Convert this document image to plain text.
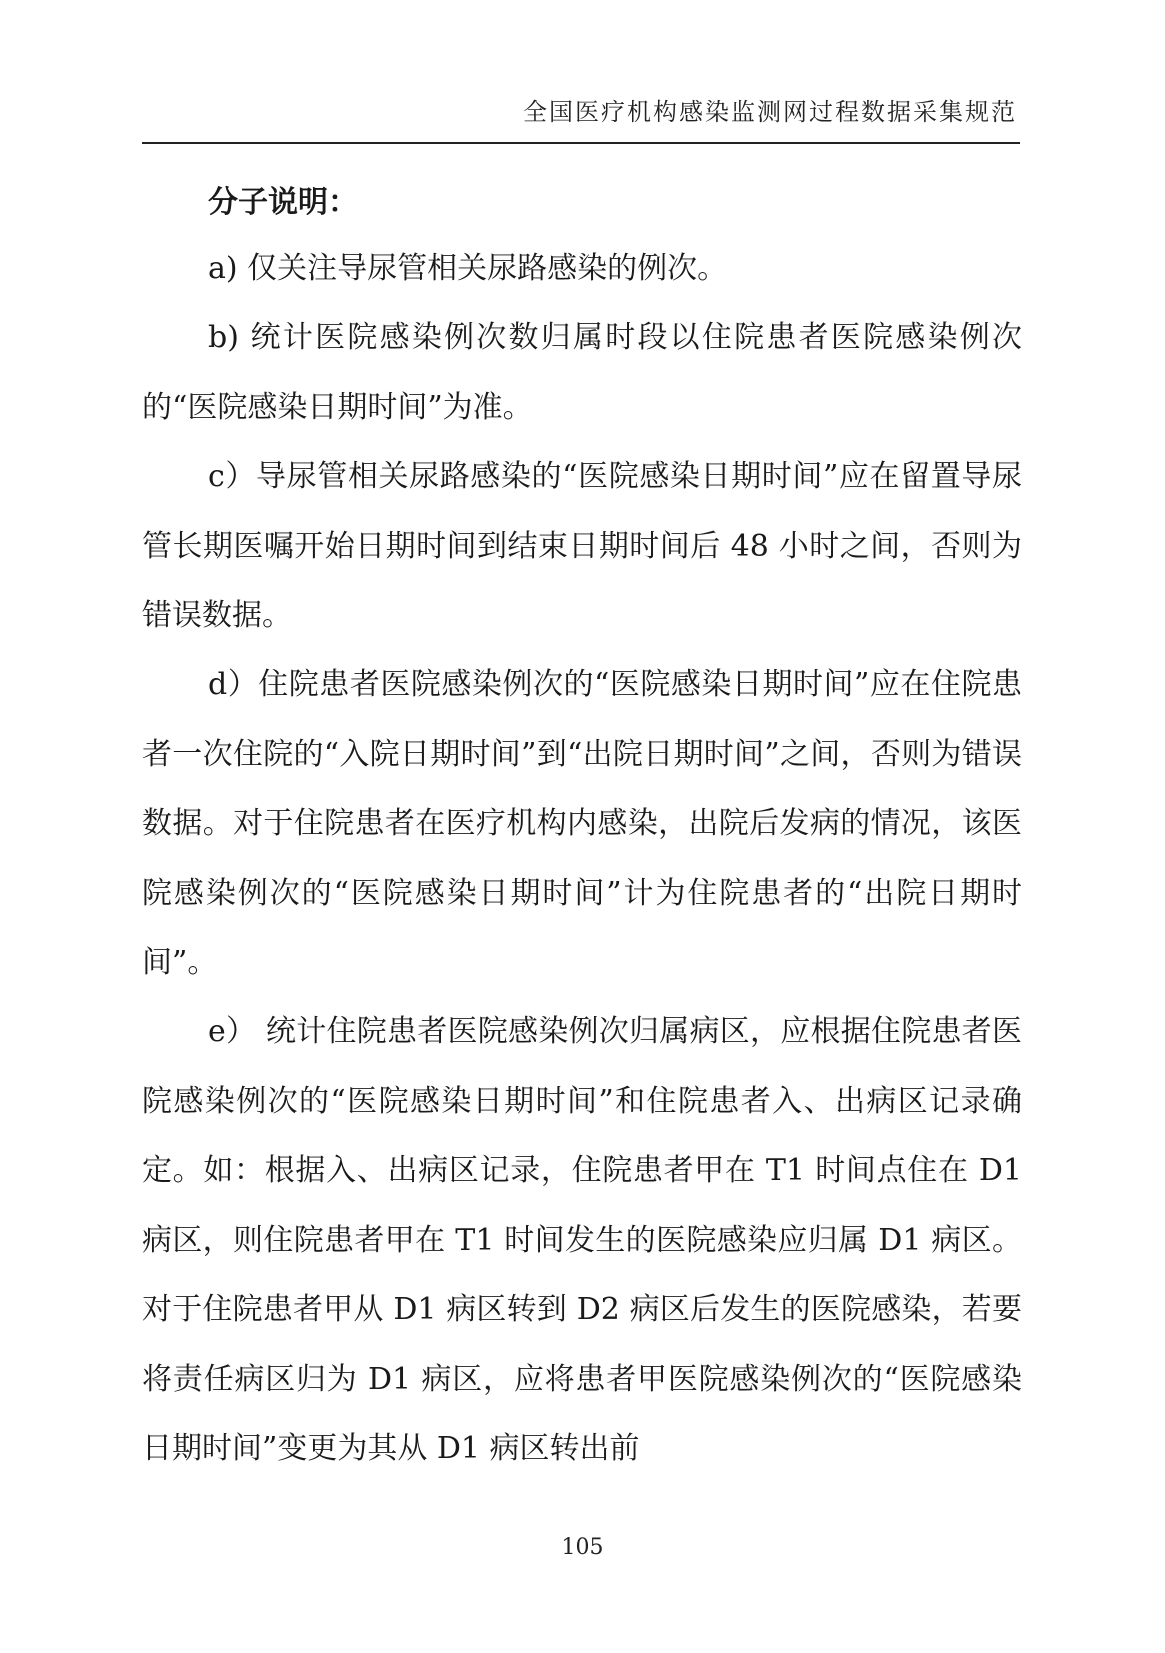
全国医疗机构感染监测网过程数据采集规范

分子说明：

a) 仅关注导尿管相关尿路感染的例次。

b) 统计医院感染例次数归属时段以住院患者医院感染例次的“医院感染日期时间”为准。

c）导尿管相关尿路感染的“医院感染日期时间”应在留置导尿管长期医嘱开始日期时间到结束日期时间后 48 小时之间，否则为错误数据。

d）住院患者医院感染例次的“医院感染日期时间”应在住院患者一次住院的“入院日期时间”到“出院日期时间”之间，否则为错误数据。对于住院患者在医疗机构内感染，出院后发病的情况，该医院感染例次的“医院感染日期时间”计为住院患者的“出院日期时间”。

e） 统计住院患者医院感染例次归属病区，应根据住院患者医院感染例次的“医院感染日期时间”和住院患者入、出病区记录确定。如：根据入、出病区记录，住院患者甲在 T1 时间点住在 D1 病区，则住院患者甲在 T1 时间发生的医院感染应归属 D1 病区。对于住院患者甲从 D1 病区转到 D2 病区后发生的医院感染，若要将责任病区归为 D1 病区，应将患者甲医院感染例次的“医院感染日期时间”变更为其从 D1 病区转出前

105
